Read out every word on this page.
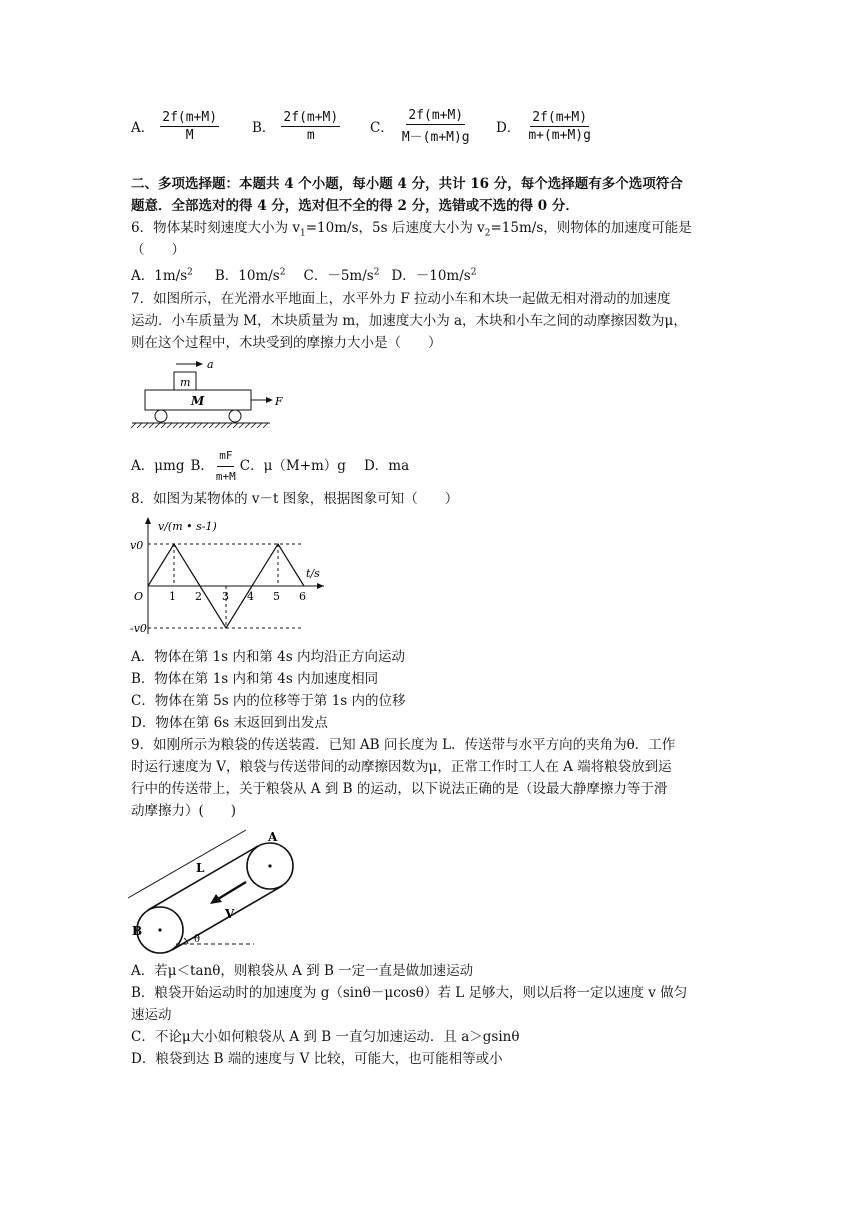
A． $\frac{2f(m+M)}{M}$ B． $\frac{2f(m+M)}{m}$ C． $\frac{2f(m+M)}{M-(m+M)g}$ D． $\frac{2f(m+M)}{m+(m+M)g}$
二、多项选择题：本题共 4 个小题，每小题 4 分，共计 16 分，每个选择题有多个选项符合
题意．全部选对的得 4 分，选对但不全的得 2 分，选错或不选的得 0 分．
6．物体某时刻速度大小为 $v_1=10m/s$，5s 后速度大小为 $v_2=15m/s$，则物体的加速度可能是
（　　）
A．$1m/s^2$ B．$10m/s^2$ C．$-5m/s^2$ D．$-10m/s^2$
7．如图所示，在光滑水平地面上，水平外力 F 拉动小车和木块一起做无相对滑动的加速度
运动．小车质量为 M，木块质量为 m，加速度大小为 a，木块和小车之间的动摩擦因数为μ，
则在这个过程中，木块受到的摩擦力大小是（　　）
a
m
M	F
A．μmg B． $\frac{mF}{m+M}$ C．μ（M+m）g D．ma
8．如图为某物体的 v－t 图象，根据图象可知（　　）
v/(m • s-1)
t/s
v0
-v0
O 1 2 3 4 5 6
A．物体在第 1s 内和第 4s 内均沿正方向运动
B．物体在第 1s 内和第 4s 内加速度相同
C．物体在第 5s 内的位移等于第 1s 内的位移
D．物体在第 6s 末返回到出发点
9．如刚所示为粮袋的传送装霞．已知 AB 问长度为 L．传送带与水平方向的夹角为θ．工作
时运行速度为 V，粮袋与传送带间的动摩擦因数为μ，正常工作时工人在 A 端将粮袋放到运
行中的传送带上，关于粮袋从 A 到 B 的运动，以下说法正确的是（设最大静摩擦力等于滑
动摩擦力）(　　)
A
B
L
V
θ
A．若μ＜tanθ，则粮袋从 A 到 B 一定一直是做加速运动
B．粮袋开始运动时的加速度为 g（sinθ－μcosθ）若 L 足够大，则以后将一定以速度 v 做匀
速运动
C．不论μ大小如何粮袋从 A 到 B 一直匀加速运动．且 a＞gsinθ
D．粮袋到达 B 端的速度与 V 比较，可能大，也可能相等或小
